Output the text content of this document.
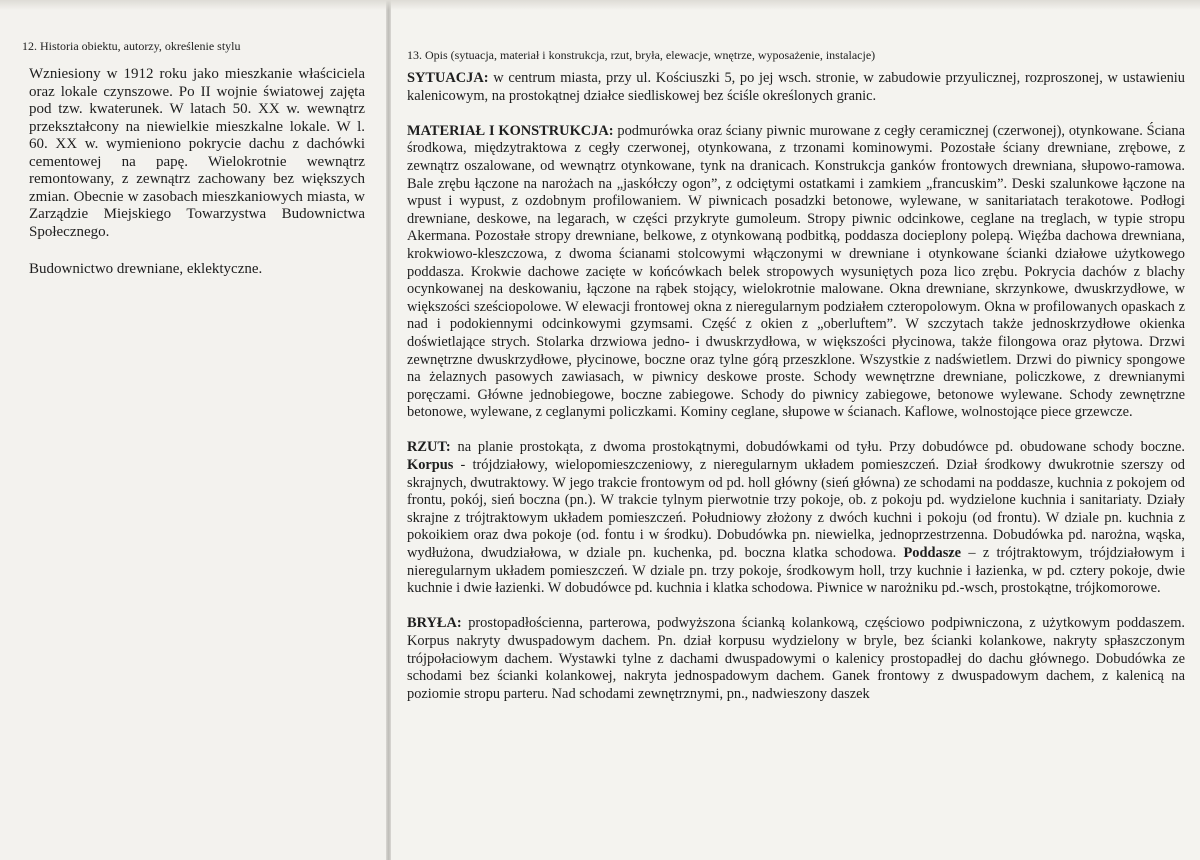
12. Historia obiektu, autorzy, określenie stylu

Wzniesiony w 1912 roku jako mieszkanie właściciela oraz lokale czynszowe. Po II wojnie światowej zajęta pod tzw. kwaterunek. W latach 50. XX w. wewnątrz przekształcony na niewielkie mieszkalne lokale. W l. 60. XX w. wymieniono pokrycie dachu z dachówki cementowej na papę. Wielokrotnie wewnątrz remontowany, z zewnątrz zachowany bez większych zmian. Obecnie w zasobach mieszkaniowych miasta, w Zarządzie Miejskiego Towarzystwa Budownictwa Społecznego.

Budownictwo drewniane, eklektyczne.
13. Opis (sytuacja, materiał i konstrukcja, rzut, bryła, elewacje, wnętrze, wyposażenie, instalacje)

SYTUACJA: w centrum miasta, przy ul. Kościuszki 5, po jej wsch. stronie, w zabudowie przyulicznej, rozproszonej, w ustawieniu kalenicowym, na prostokątnej działce siedliskowej bez ściśle określonych granic.

MATERIAŁ I KONSTRUKCJA: podmurówka oraz ściany piwnic murowane z cegły ceramicznej (czerwonej), otynkowane. Ściana środkowa, międzytraktowa z cegły czerwonej, otynkowana, z trzonami kominowymi. Pozostałe ściany drewniane, zrębowe, z zewnątrz oszalowane, od wewnątrz otynkowane, tynk na dranicach. Konstrukcja ganków frontowych drewniana, słupowo-ramowa. Bale zrębu łączone na narożach na „jaskółczy ogon”, z odciętymi ostatkami i zamkiem „francuskim”. Deski szalunkowe łączone na wpust i wypust, z ozdobnym profilowaniem. W piwnicach posadzki betonowe, wylewane, w sanitariatach terakotowe. Podłogi drewniane, deskowe, na legarach, w części przykryte gumoleum. Stropy piwnic odcinkowe, ceglane na treglach, w typie stropu Akermana. Pozostałe stropy drewniane, belkowe, z otynkowaną podbitką, poddasza docieplony polepą. Więźba dachowa drewniana, krokwiowo-kleszczowa, z dwoma ścianami stolcowymi włączonymi w drewniane i otynkowane ścianki działowe użytkowego poddasza. Krokwie dachowe zacięte w końcówkach belek stropowych wysuniętych poza lico zrębu. Pokrycia dachów z blachy ocynkowanej na deskowaniu, łączone na rąbek stojący, wielokrotnie malowane. Okna drewniane, skrzynkowe, dwuskrzydłowe, w większości sześciopolowe. W elewacji frontowej okna z nieregularnym podziałem czteropolowym. Okna w profilowanych opaskach z nad i podokiennymi odcinkowymi gzymsami. Część z okien z „oberluftem”. W szczytach także jednoskrzydłowe okienka doświetlające strych. Stolarka drzwiowa jedno- i dwuskrzydłowa, w większości płycinowa, także filongowa oraz płytowa. Drzwi zewnętrzne dwuskrzydłowe, płycinowe, boczne oraz tylne górą przeszklone. Wszystkie z nadświetlem. Drzwi do piwnicy spongowe na żelaznych pasowych zawiasach, w piwnicy deskowe proste. Schody wewnętrzne drewniane, policzkowe, z drewnianymi poręczami. Główne jednobiegowe, boczne zabiegowe. Schody do piwnicy zabiegowe, betonowe wylewane. Schody zewnętrzne betonowe, wylewane, z ceglanymi policzkami. Kominy ceglane, słupowe w ścianach. Kaflowe, wolnostojące piece grzewcze.

RZUT: na planie prostokąta, z dwoma prostokątnymi, dobudówkami od tyłu. Przy dobudówce pd. obudowane schody boczne. Korpus - trójdziałowy, wielopomieszczeniowy, z nieregularnym układem pomieszczeń. Dział środkowy dwukrotnie szerszy od skrajnych, dwutraktowy. W jego trakcie frontowym od pd. holl główny (sień główna) ze schodami na poddasze, kuchnia z pokojem od frontu, pokój, sień boczna (pn.). W trakcie tylnym pierwotnie trzy pokoje, ob. z pokoju pd. wydzielone kuchnia i sanitariaty. Działy skrajne z trójtraktowym układem pomieszczeń. Południowy złożony z dwóch kuchni i pokoju (od frontu). W dziale pn. kuchnia z pokoikiem oraz dwa pokoje (od. fontu i w środku). Dobudówka pn. niewielka, jednoprzestrzenna. Dobudówka pd. narożna, wąska, wydłużona, dwudziałowa, w dziale pn. kuchenka, pd. boczna klatka schodowa. Poddasze – z trójtraktowym, trójdziałowym i nieregularnym układem pomieszczeń. W dziale pn. trzy pokoje, środkowym holl, trzy kuchnie i łazienka, w pd. cztery pokoje, dwie kuchnie i dwie łazienki. W dobudówce pd. kuchnia i klatka schodowa. Piwnice w narożniku pd.-wsch, prostokątne, trójkomorowe.

BRYŁA: prostopadłościenna, parterowa, podwyższona ścianką kolankową, częściowo podpiwniczona, z użytkowym poddaszem. Korpus nakryty dwuspadowym dachem. Pn. dział korpusu wydzielony w bryle, bez ścianki kolankowe, nakryty spłaszczonym trójpołaciowym dachem. Wystawki tylne z dachami dwuspadowymi o kalenicy prostopadłej do dachu głównego. Dobudówka ze schodami bez ścianki kolankowej, nakryta jednospadowym dachem. Ganek frontowy z dwuspadowym dachem, z kalenicą na poziomie stropu parteru. Nad schodami zewnętrznymi, pn., nadwieszony daszek
